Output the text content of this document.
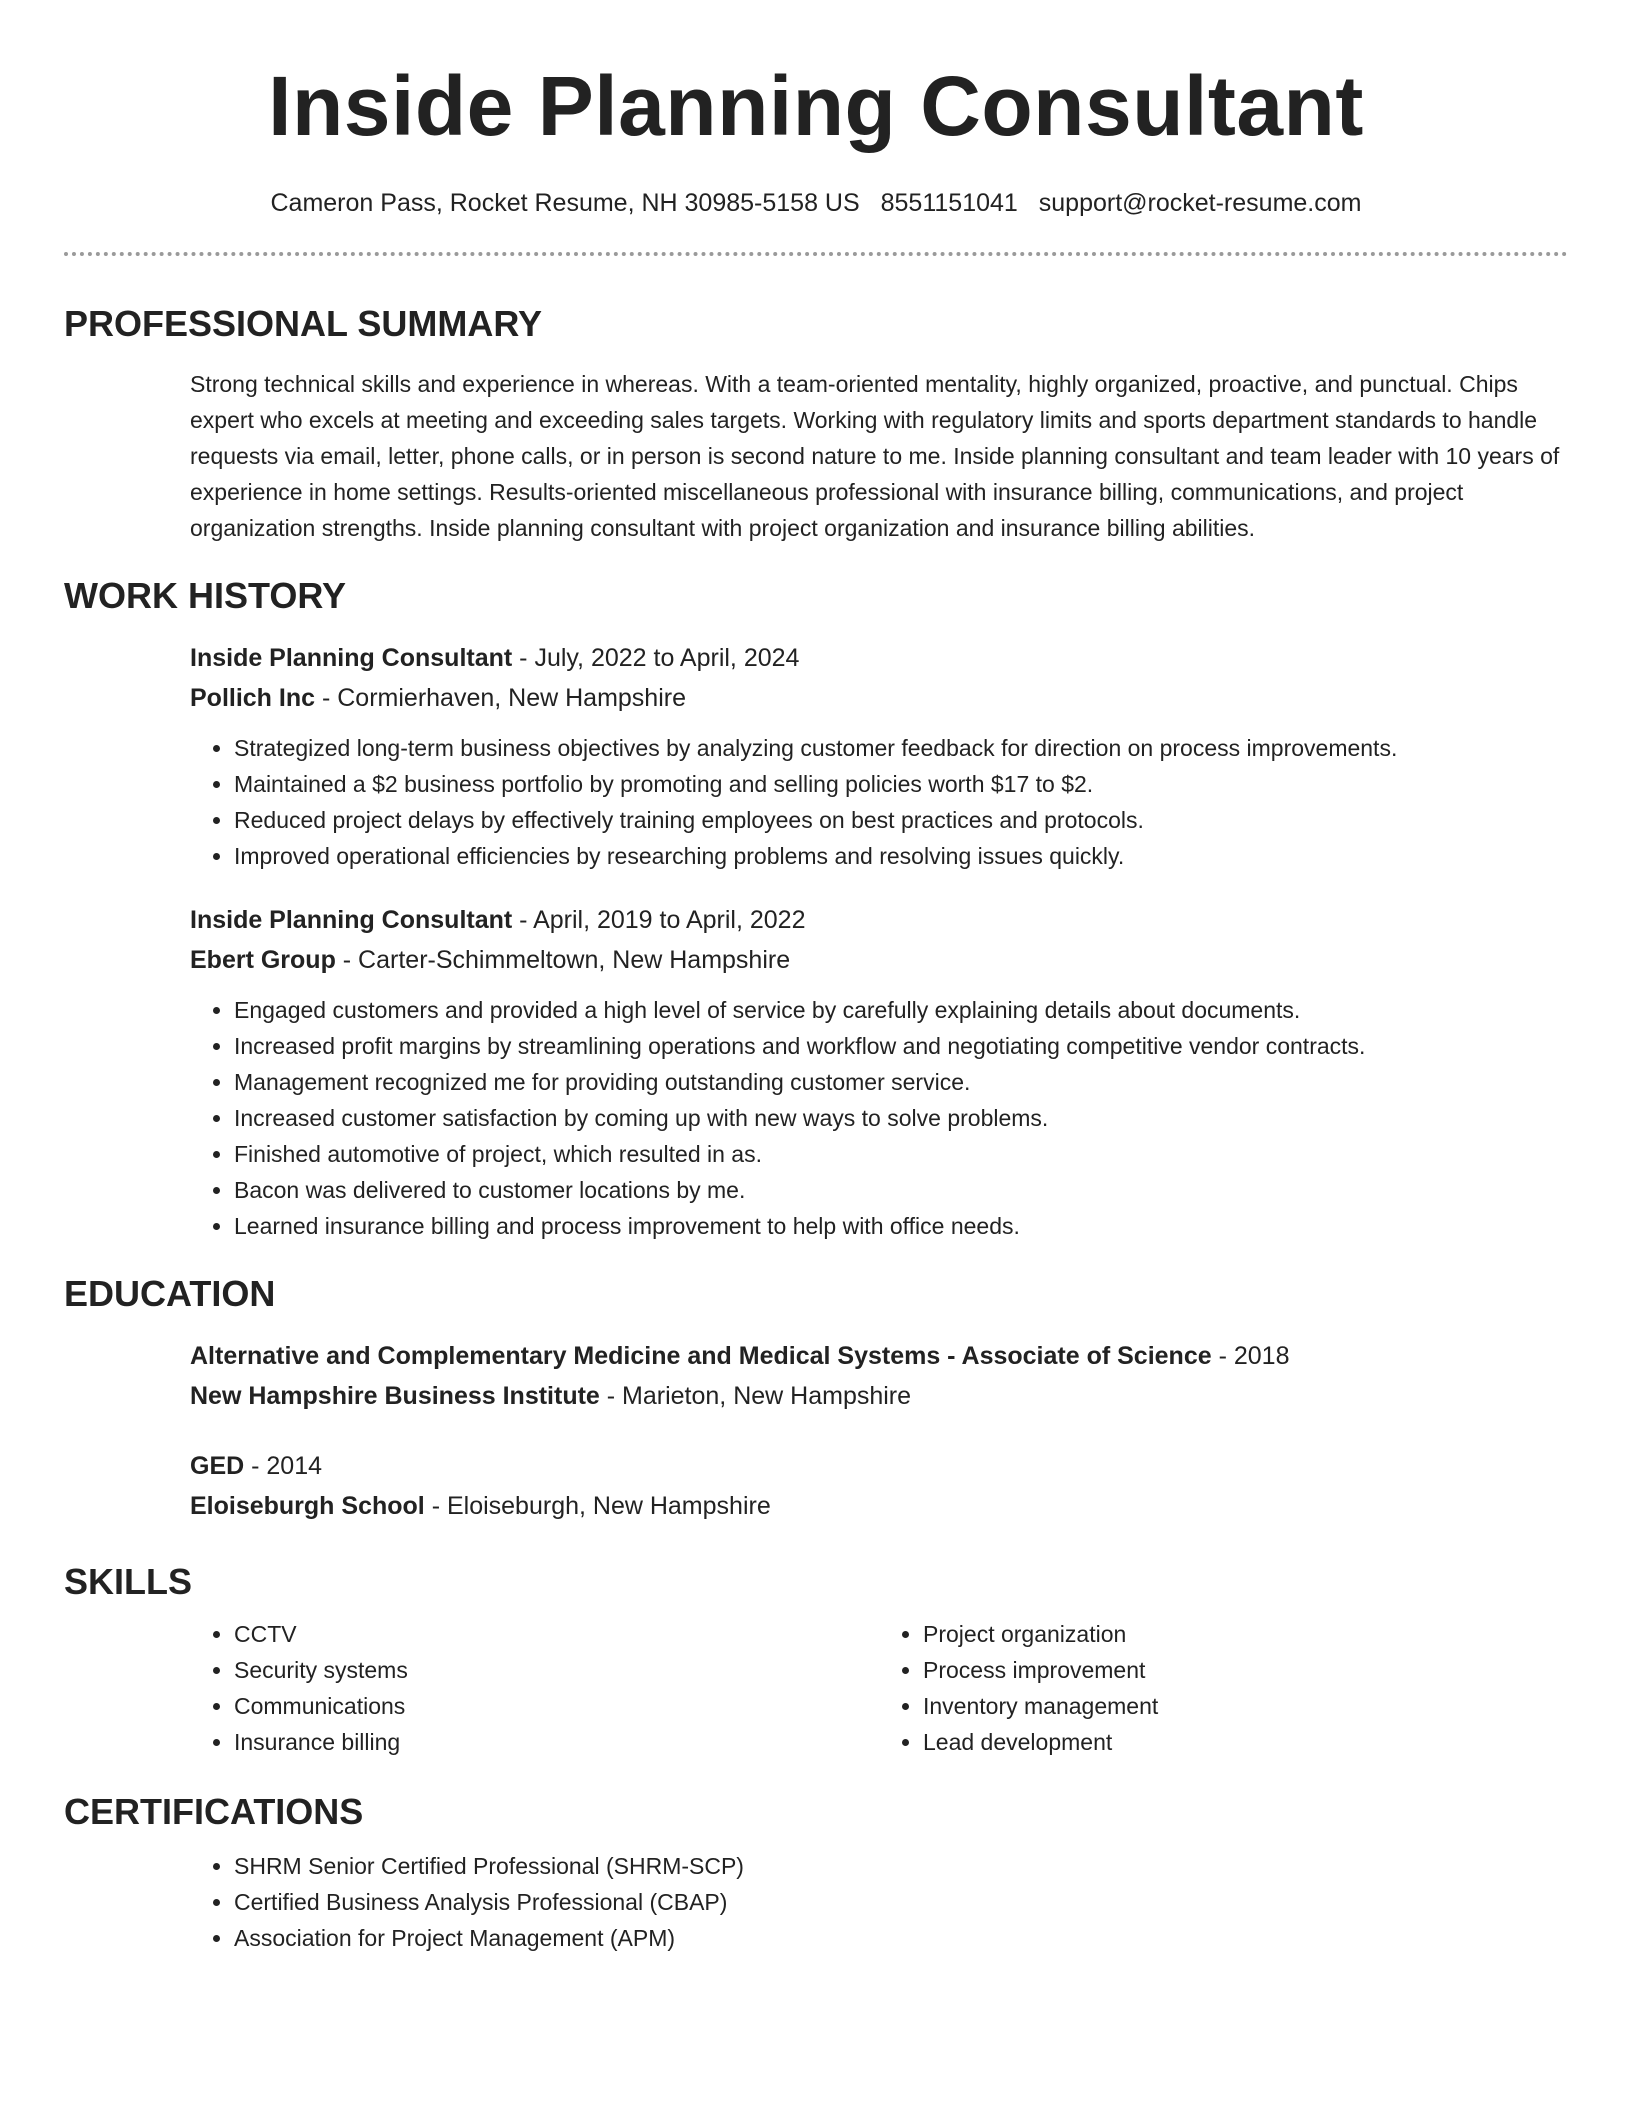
Inside Planning Consultant
Cameron Pass, Rocket Resume, NH 30985-5158 US 8551151041 support@rocket-resume.com
PROFESSIONAL SUMMARY
Strong technical skills and experience in whereas. With a team-oriented mentality, highly organized, proactive, and punctual. Chips expert who excels at meeting and exceeding sales targets. Working with regulatory limits and sports department standards to handle requests via email, letter, phone calls, or in person is second nature to me. Inside planning consultant and team leader with 10 years of experience in home settings. Results-oriented miscellaneous professional with insurance billing, communications, and project organization strengths. Inside planning consultant with project organization and insurance billing abilities.
WORK HISTORY
Inside Planning Consultant - July, 2022 to April, 2024
Pollich Inc - Cormierhaven, New Hampshire
• Strategized long-term business objectives by analyzing customer feedback for direction on process improvements.
• Maintained a $2 business portfolio by promoting and selling policies worth $17 to $2.
• Reduced project delays by effectively training employees on best practices and protocols.
• Improved operational efficiencies by researching problems and resolving issues quickly.
Inside Planning Consultant - April, 2019 to April, 2022
Ebert Group - Carter-Schimmeltown, New Hampshire
• Engaged customers and provided a high level of service by carefully explaining details about documents.
• Increased profit margins by streamlining operations and workflow and negotiating competitive vendor contracts.
• Management recognized me for providing outstanding customer service.
• Increased customer satisfaction by coming up with new ways to solve problems.
• Finished automotive of project, which resulted in as.
• Bacon was delivered to customer locations by me.
• Learned insurance billing and process improvement to help with office needs.
EDUCATION
Alternative and Complementary Medicine and Medical Systems - Associate of Science - 2018
New Hampshire Business Institute - Marieton, New Hampshire
GED - 2014
Eloiseburgh School - Eloiseburgh, New Hampshire
SKILLS
• CCTV
• Security systems
• Communications
• Insurance billing
• Project organization
• Process improvement
• Inventory management
• Lead development
CERTIFICATIONS
• SHRM Senior Certified Professional (SHRM-SCP)
• Certified Business Analysis Professional (CBAP)
• Association for Project Management (APM)
